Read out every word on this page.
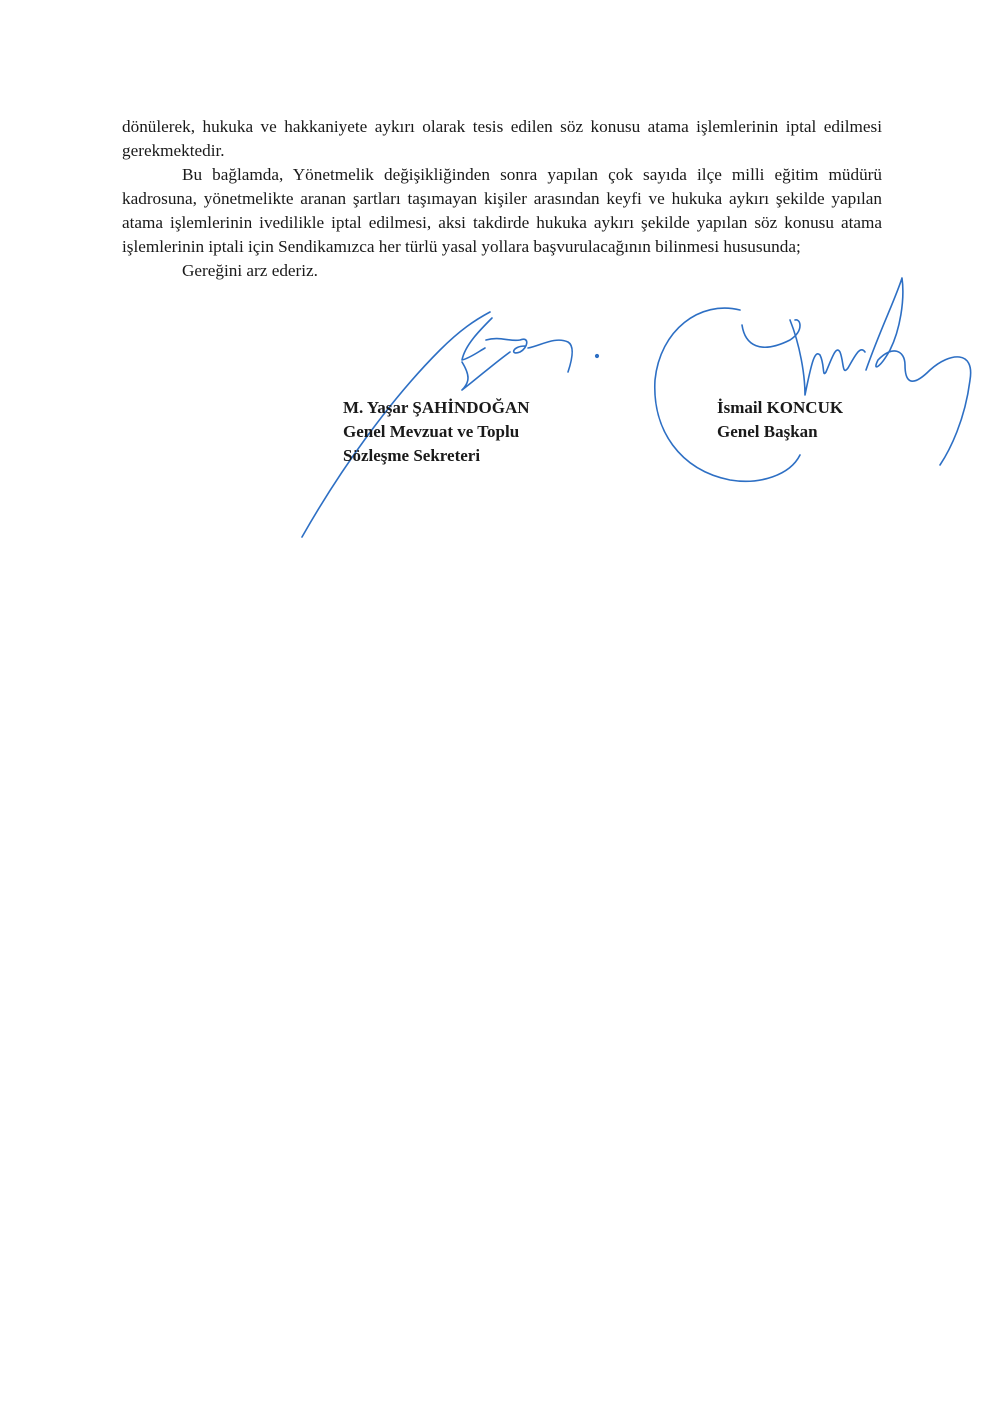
dönülerek, hukuka ve hakkaniyete aykırı olarak tesis edilen söz konusu atama işlemlerinin iptal edilmesi gerekmektedir.

Bu bağlamda, Yönetmelik değişikliğinden sonra yapılan çok sayıda ilçe milli eğitim müdürü kadrosuna, yönetmelikte aranan şartları taşımayan kişiler arasından keyfi ve hukuka aykırı şekilde yapılan atama işlemlerinin ivedilikle iptal edilmesi, aksi takdirde hukuka aykırı şekilde yapılan söz konusu atama işlemlerinin iptali için Sendikamızca her türlü yasal yollara başvurulacağının bilinmesi hususunda;

Gereğini arz ederiz.

M. Yaşar ŞAHİNDOĞAN
Genel Mevzuat ve Toplu
Sözleşme Sekreteri
İsmail KONCUK
Genel Başkan
